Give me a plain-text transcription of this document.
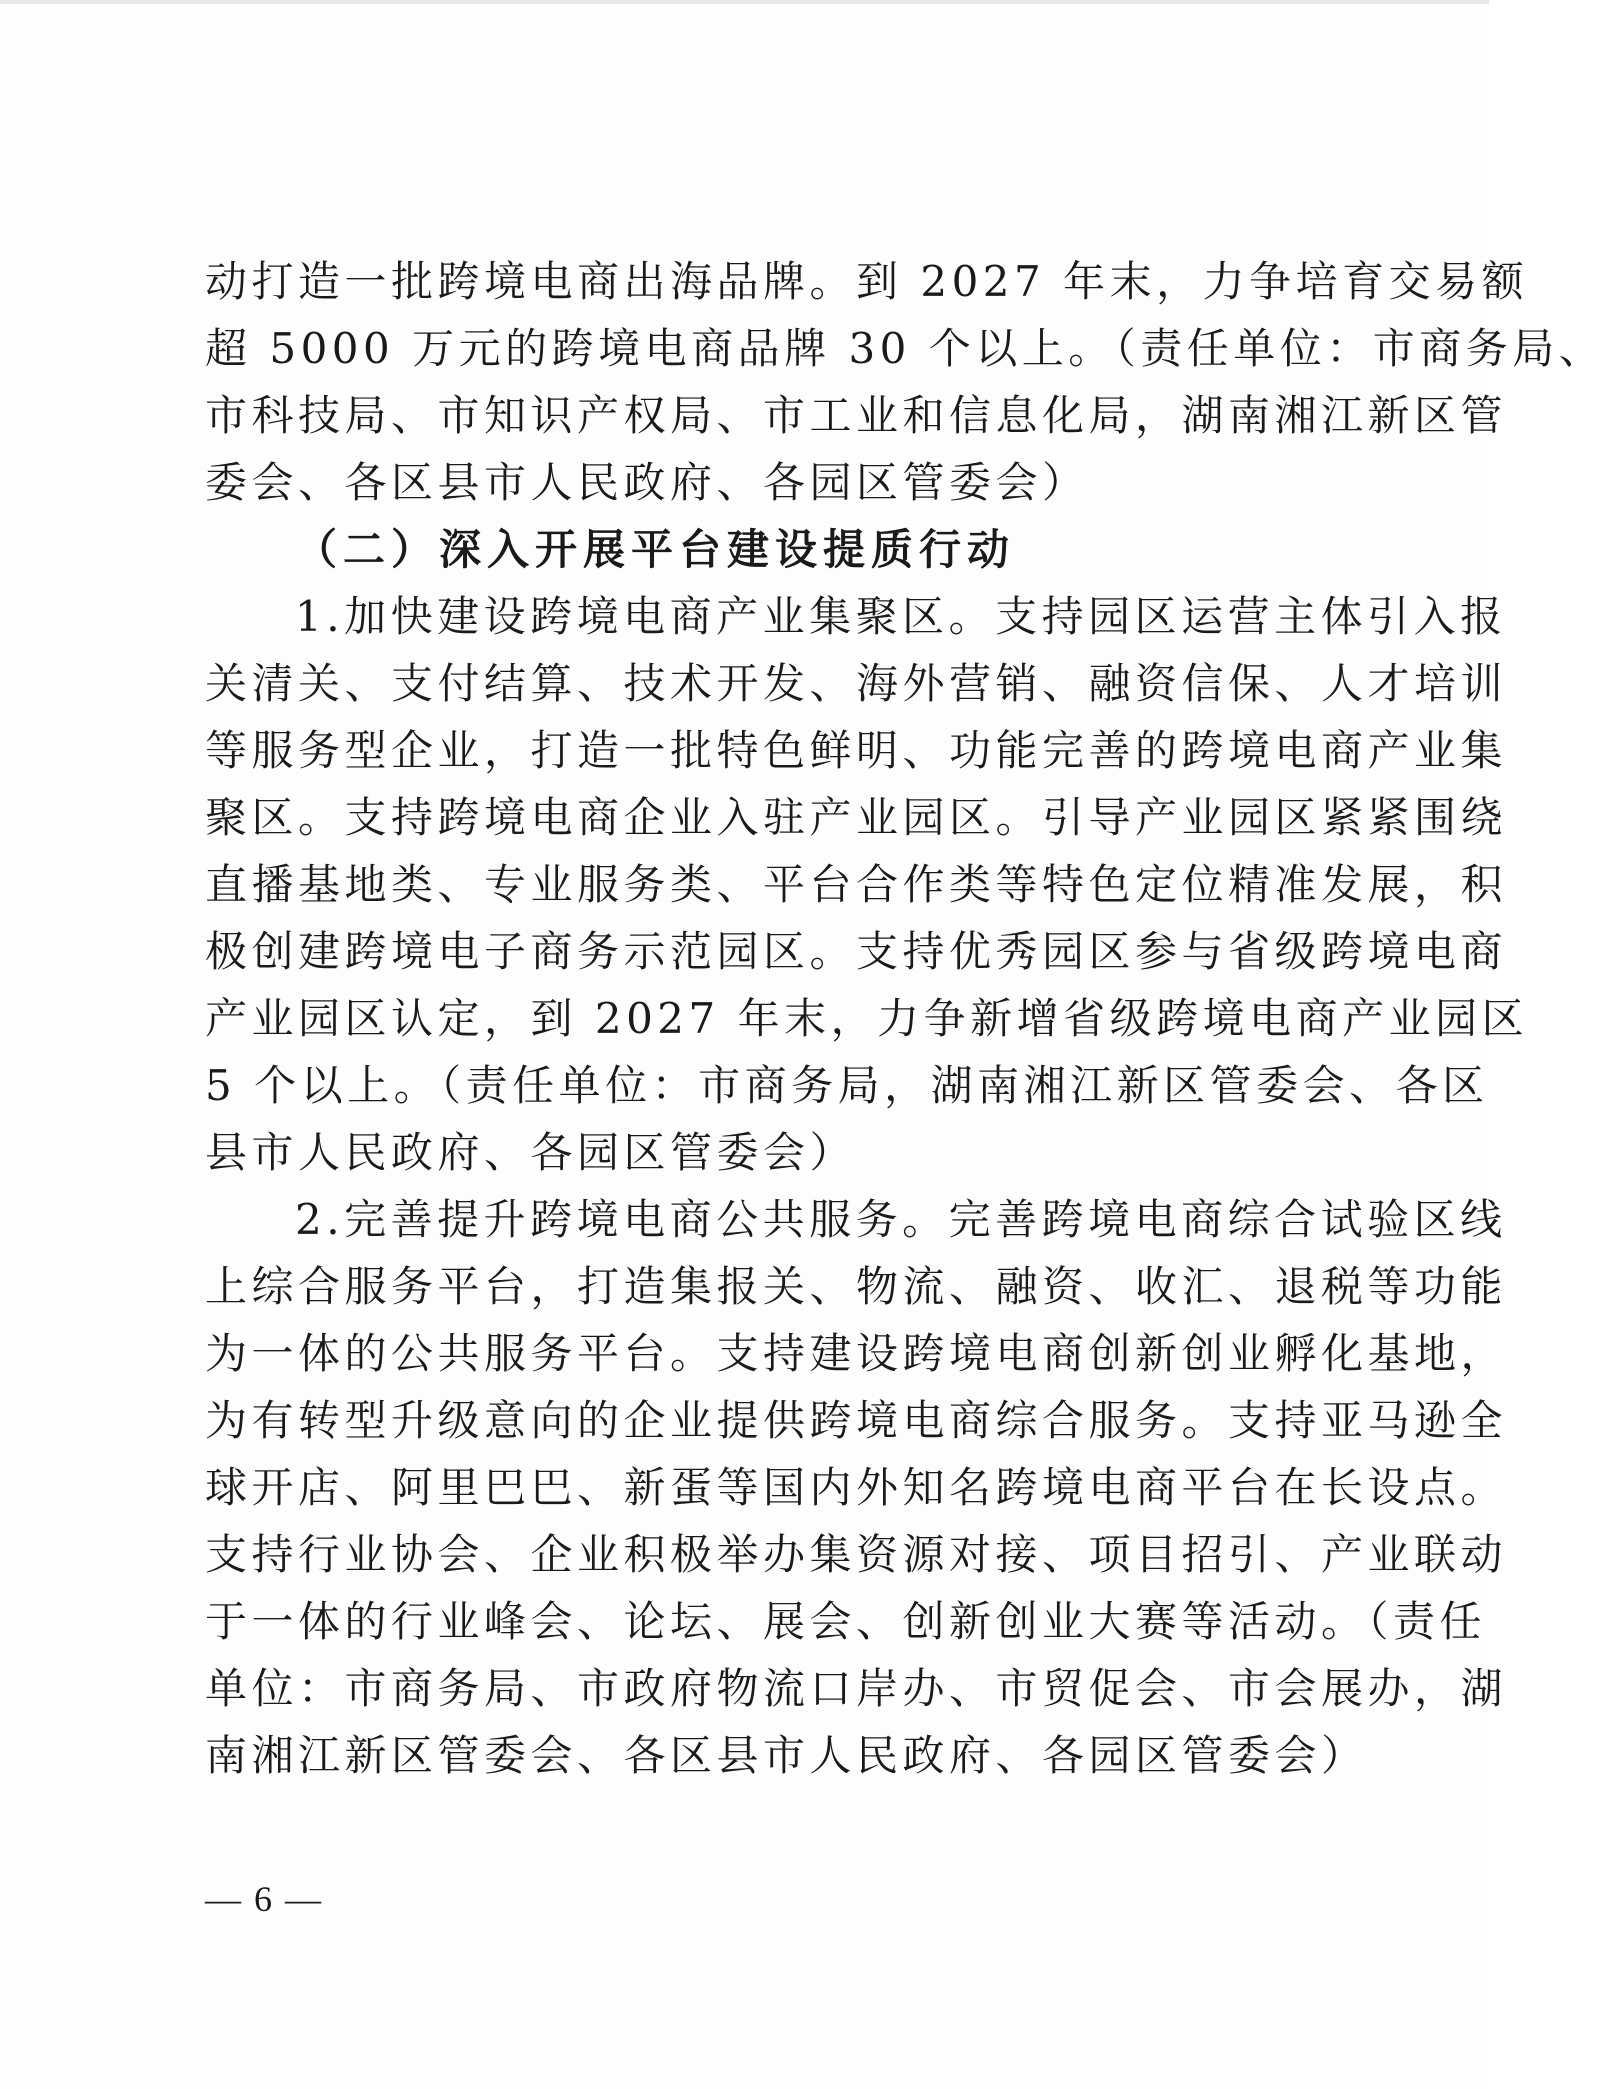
动打造一批跨境电商出海品牌。到 2027 年末，力争培育交易额
超 5000 万元的跨境电商品牌 30 个以上。（责任单位：市商务局、
市科技局、市知识产权局、市工业和信息化局，湖南湘江新区管
委会、各区县市人民政府、各园区管委会）
（二）深入开展平台建设提质行动
1.加快建设跨境电商产业集聚区。支持园区运营主体引入报
关清关、支付结算、技术开发、海外营销、融资信保、人才培训
等服务型企业，打造一批特色鲜明、功能完善的跨境电商产业集
聚区。支持跨境电商企业入驻产业园区。引导产业园区紧紧围绕
直播基地类、专业服务类、平台合作类等特色定位精准发展，积
极创建跨境电子商务示范园区。支持优秀园区参与省级跨境电商
产业园区认定，到 2027 年末，力争新增省级跨境电商产业园区
5 个以上。（责任单位：市商务局，湖南湘江新区管委会、各区
县市人民政府、各园区管委会）
2.完善提升跨境电商公共服务。完善跨境电商综合试验区线
上综合服务平台，打造集报关、物流、融资、收汇、退税等功能
为一体的公共服务平台。支持建设跨境电商创新创业孵化基地，
为有转型升级意向的企业提供跨境电商综合服务。支持亚马逊全
球开店、阿里巴巴、新蛋等国内外知名跨境电商平台在长设点。
支持行业协会、企业积极举办集资源对接、项目招引、产业联动
于一体的行业峰会、论坛、展会、创新创业大赛等活动。（责任
单位：市商务局、市政府物流口岸办、市贸促会、市会展办，湖
南湘江新区管委会、各区县市人民政府、各园区管委会）
— 6 —
